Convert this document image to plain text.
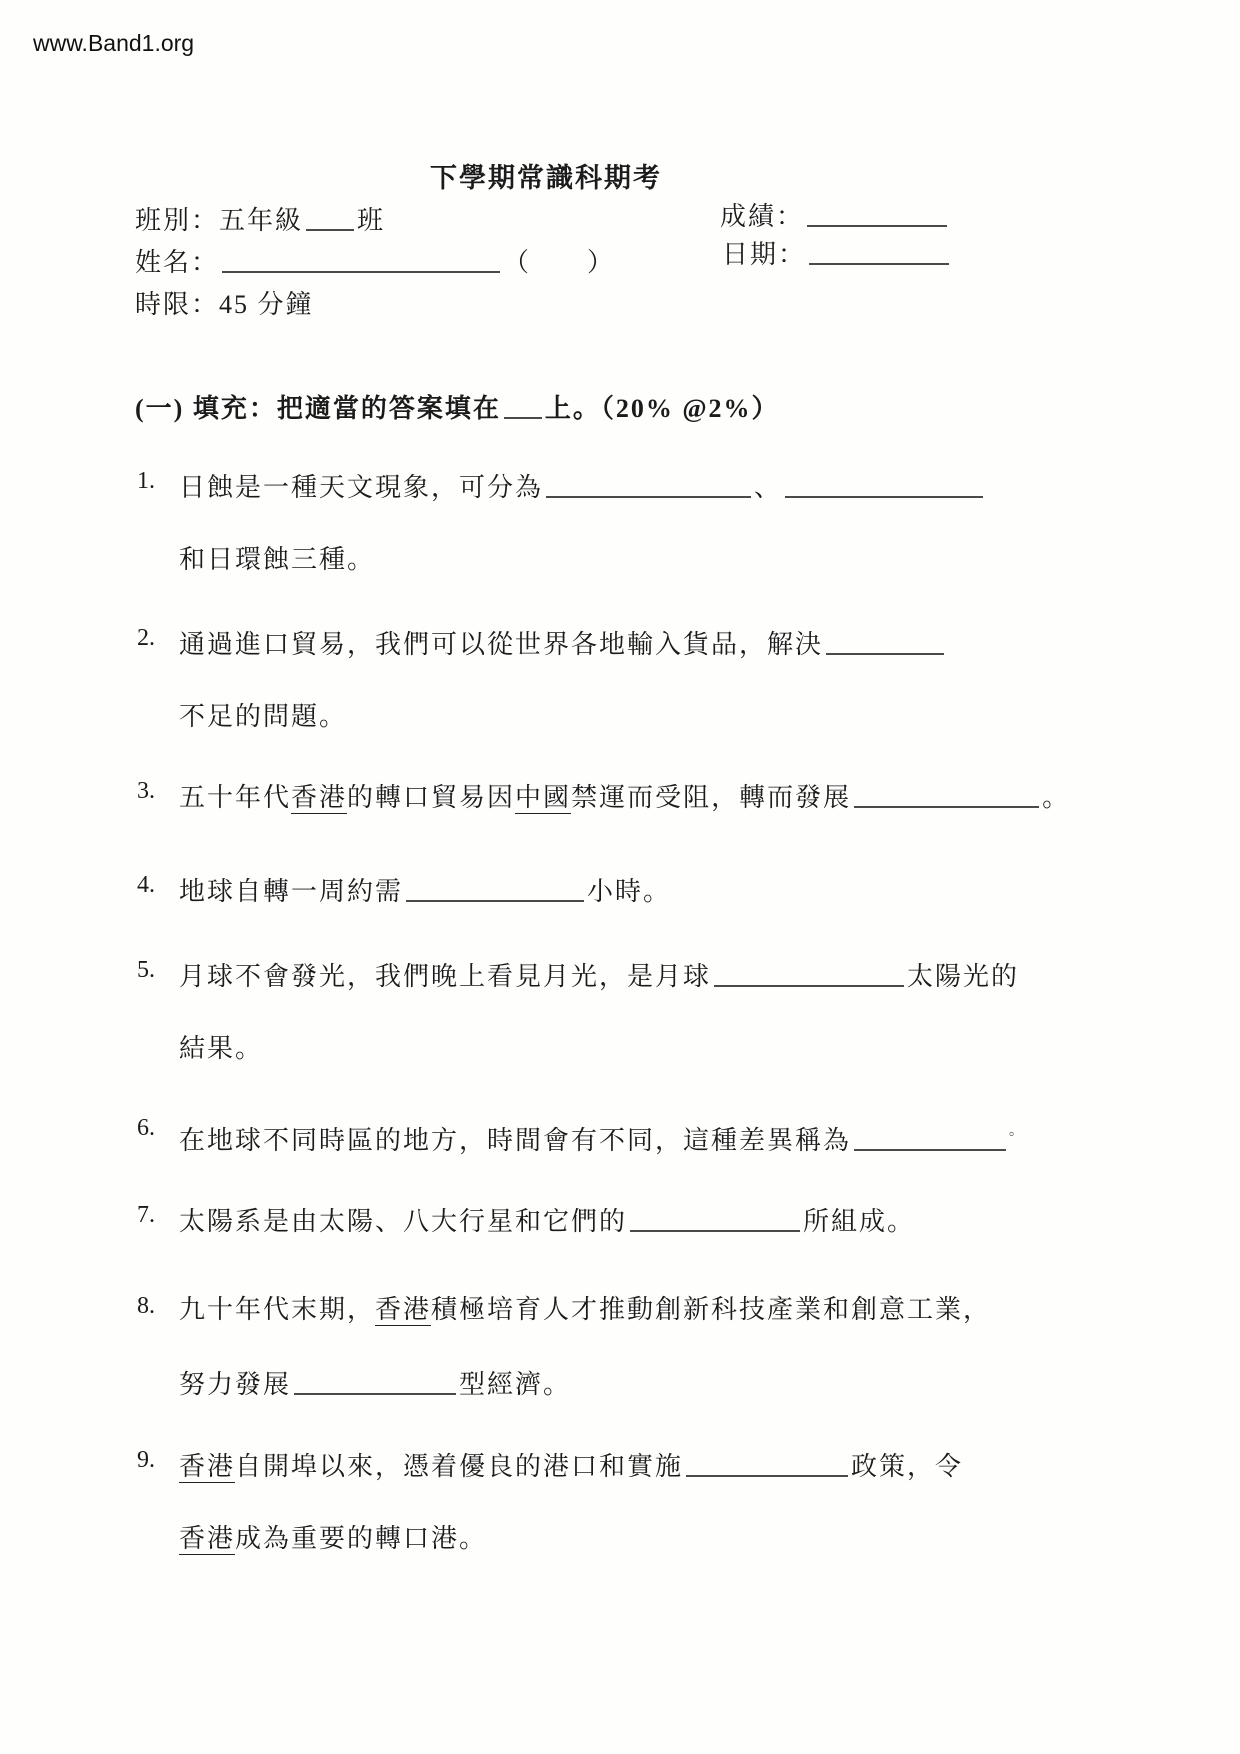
www.Band1.org
下學期常識科期考
班別：五年級 班
姓名：	（　　）
時限：45 分鐘
成績：
日期：
(一) 填充：把適當的答案填在 上。（20% @2%）
1. 日蝕是一種天文現象，可分為	、
和日環蝕三種。
2. 通過進口貿易，我們可以從世界各地輸入貨品，解決
不足的問題。
3. 五十年代香港的轉口貿易因中國禁運而受阻，轉而發展	。
4. 地球自轉一周約需	小時。
5. 月球不會發光，我們晚上看見月光，是月球	太陽光的
結果。
6. 在地球不同時區的地方，時間會有不同，這種差異稱為	。
7. 太陽系是由太陽、八大行星和它們的	所組成。
8. 九十年代末期，香港積極培育人才推動創新科技產業和創意工業，
努力發展	型經濟。
9. 香港自開埠以來，憑着優良的港口和實施	政策，令
香港成為重要的轉口港。
